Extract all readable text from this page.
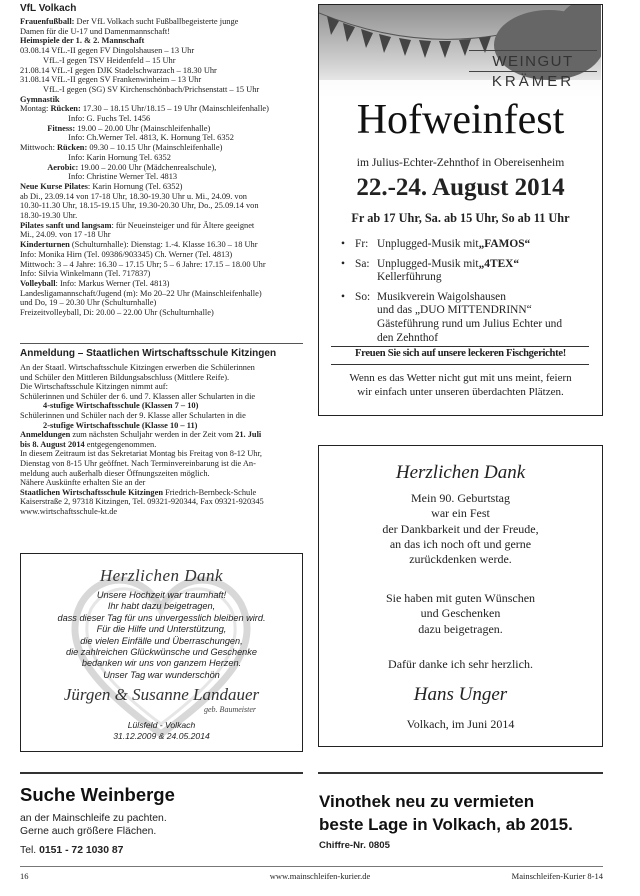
VfL Volkach
Frauenfußball: Der VfL Volkach sucht Fußballbegeisterte junge
Damen für die U-17 und Damenmannschaft!
Heimspiele der 1. & 2. Mannschaft
03.08.14 VfL.-II gegen FV Dingolshausen – 13 Uhr
VfL.-I gegen TSV Heidenfeld – 15 Uhr
21.08.14 VfL.-I gegen DJK Stadelschwarzach – 18.30 Uhr
31.08.14 VfL.-II gegen SV Frankenwinheim – 13 Uhr
VfL.-I gegen (SG) SV Kirchenschönbach/Prichsenstatt – 15 Uhr
Gymnastik
Montag: Rücken: 17.30 – 18.15 Uhr/18.15 – 19 Uhr (Mainschleifenhalle)
Info: G. Fuchs Tel. 1456
Fitness: 19.00 – 20.00 Uhr (Mainschleifenhalle)
Info: Ch.Werner Tel. 4813, K. Hornung Tel. 6352
Mittwoch: Rücken: 09.30 – 10.15 Uhr (Mainschleifenhalle)
Info: Karin Hornung Tel. 6352
Aerobic: 19.00 – 20.00 Uhr (Mädchenrealschule),
Info: Christine Werner Tel. 4813
Neue Kurse Pilates: Karin Hornung (Tel. 6352)
ab Di., 23.09.14 von 17-18 Uhr, 18.30-19.30 Uhr u. Mi., 24.09. von
10.30-11.30 Uhr, 18.15-19.15 Uhr, 19.30-20.30 Uhr, Do., 25.09.14 von
18.30-19.30 Uhr.
Pilates sanft und langsam: für Neueinsteiger und für Ältere geeignet
Mi., 24.09. von 17 -18 Uhr
Kinderturnen (Schulturnhalle): Dienstag: 1.-4. Klasse 16.30 – 18 Uhr
Info: Monika Hirn (Tel. 09386/903345) Ch. Werner (Tel. 4813)
Mittwoch: 3 – 4 Jahre: 16.30 – 17.15 Uhr; 5 – 6 Jahre: 17.15 – 18.00 Uhr
Info: Silvia Winkelmann (Tel. 717837)
Volleyball: Info: Markus Werner (Tel. 4813)
Landesligamannschaft/Jugend (m): Mo 20–22 Uhr (Mainschleifenhalle)
und Do, 19 – 20.30 Uhr (Schulturnhalle)
Freizeitvolleyball, Di: 20.00 – 22.00 Uhr (Schulturnhalle)
Anmeldung – Staatlichen Wirtschaftsschule Kitzingen
An der Staatl. Wirtschaftsschule Kitzingen erwerben die Schülerinnen
und Schüler den Mittleren Bildungsabschluss (Mittlere Reife).
Die Wirtschaftsschule Kitzingen nimmt auf:
Schülerinnen und Schüler der 6. und 7. Klassen aller Schularten in die
4-stufige Wirtschaftsschule (Klassen 7 – 10)
Schülerinnen und Schüler nach der 9. Klasse aller Schularten in die
2-stufige Wirtschaftsschule (Klasse 10 – 11)
Anmeldungen zum nächsten Schuljahr werden in der Zeit vom 21. Juli
bis 8. August 2014 entgegengenommen.
In diesem Zeitraum ist das Sekretariat Montag bis Freitag von 8-12 Uhr,
Dienstag von 8-15 Uhr geöffnet. Nach Terminvereinbarung ist die An-
meldung auch außerhalb dieser Öffnungszeiten möglich.
Nähere Auskünfte erhalten Sie an der
Staatlichen Wirtschaftsschule Kitzingen Friedrich-Bernbeck-Schule
Kaiserstraße 2, 97318 Kitzingen, Tel. 09321-920344, Fax 09321-920345
www.wirtschaftsschule-kt.de
Herzlichen Dank
Unsere Hochzeit war traumhaft!
Ihr habt dazu beigetragen,
dass dieser Tag für uns unvergesslich bleiben wird.
Für die Hilfe und Unterstützung,
die vielen Einfälle und Überraschungen,
die zahlreichen Glückwünsche und Geschenke
bedanken wir uns von ganzem Herzen.
Unser Tag war wunderschön
Jürgen & Susanne Landauer
geb. Baumeister
Lülsfeld - Volkach
31.12.2009 & 24.05.2014
WEINGUT
KRÄMER
Hofweinfest
im Julius-Echter-Zehnthof in Obereisenheim
22.-24. August 2014
Fr ab 17 Uhr, Sa. ab 15 Uhr, So ab 11 Uhr
• Fr: Unplugged-Musik mit „FAMOS“
• Sa: Unplugged-Musik mit „4TEX“
Kellerführung
• So: Musikverein Waigolshausen
und das „DUO MITTENDRINN“
Gästeführung rund um Julius Echter und
den Zehnthof
Freuen Sie sich auf unsere leckeren Fischgerichte!
Wenn es das Wetter nicht gut mit uns meint, feiern
wir einfach unter unseren überdachten Plätzen.
Herzlichen Dank
Mein 90. Geburtstag
war ein Fest
der Dankbarkeit und der Freude,
an das ich noch oft und gerne
zurückdenken werde.
Sie haben mit guten Wünschen
und Geschenken
dazu beigetragen.
Dafür danke ich sehr herzlich.
Hans Unger
Volkach, im Juni 2014
Suche Weinberge
an der Mainschleife zu pachten.
Gerne auch größere Flächen.
Tel. 0151 - 72 1030 87
Vinothek neu zu vermieten
beste Lage in Volkach, ab 2015.
Chiffre-Nr. 0805
16	www.mainschleifen-kurier.de	Mainschleifen-Kurier 8-14
